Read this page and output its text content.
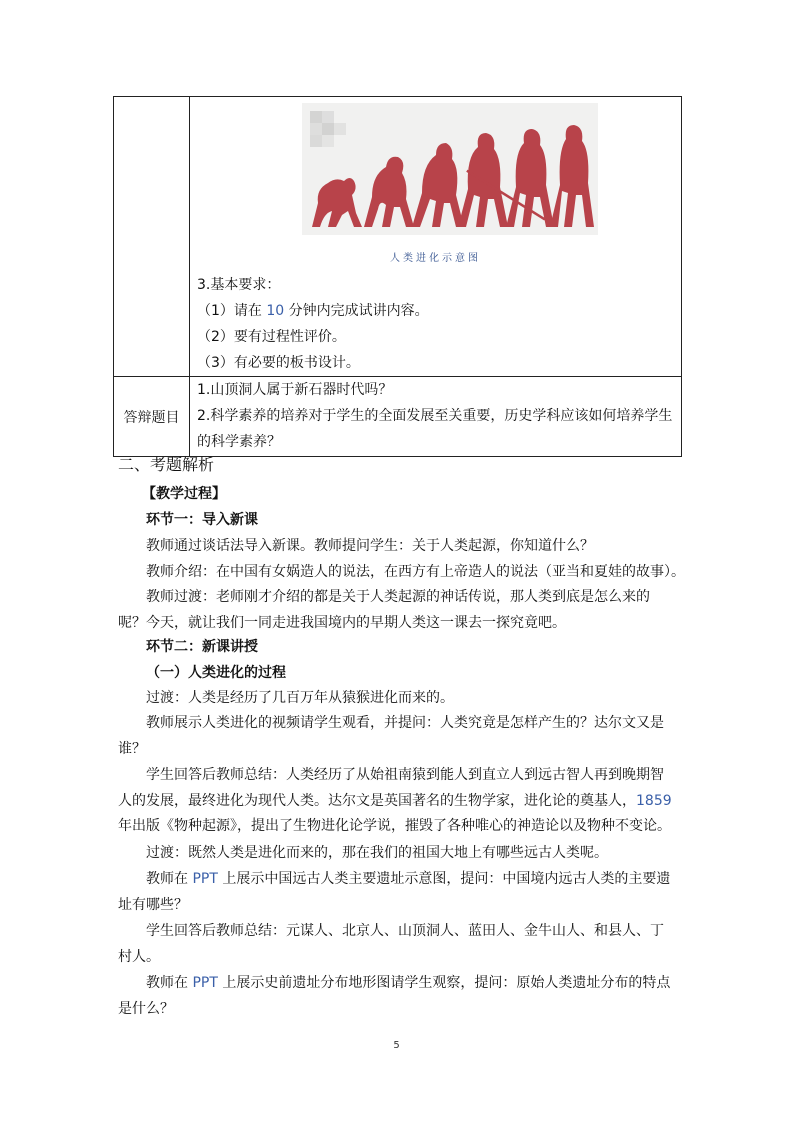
	人类进化示意图
3.基本要求：
（1）请在 10 分钟内完成试讲内容。
（2）要有过程性评价。
（3）有必要的板书设计。

答辩题目	1.山顶洞人属于新石器时代吗？
2.科学素养的培养对于学生的全面发展至关重要，历史学科应该如何培养学生的科学素养？
二、考题解析
【教学过程】
环节一：导入新课
教师通过谈话法导入新课。教师提问学生：关于人类起源，你知道什么？
教师介绍：在中国有女娲造人的说法，在西方有上帝造人的说法（亚当和夏娃的故事）。
教师过渡：老师刚才介绍的都是关于人类起源的神话传说，那人类到底是怎么来的呢？今天，就让我们一同走进我国境内的早期人类这一课去一探究竟吧。
环节二：新课讲授
（一）人类进化的过程
过渡：人类是经历了几百万年从猿猴进化而来的。
教师展示人类进化的视频请学生观看，并提问：人类究竟是怎样产生的？达尔文又是谁？
学生回答后教师总结：人类经历了从始祖南猿到能人到直立人到远古智人再到晚期智人的发展，最终进化为现代人类。达尔文是英国著名的生物学家，进化论的奠基人，1859 年出版《物种起源》，提出了生物进化论学说，摧毁了各种唯心的神造论以及物种不变论。
过渡：既然人类是进化而来的，那在我们的祖国大地上有哪些远古人类呢。
教师在 PPT 上展示中国远古人类主要遗址示意图，提问：中国境内远古人类的主要遗址有哪些？
学生回答后教师总结：元谋人、北京人、山顶洞人、蓝田人、金牛山人、和县人、丁村人。
教师在 PPT 上展示史前遗址分布地形图请学生观察，提问：原始人类遗址分布的特点是什么？
5
